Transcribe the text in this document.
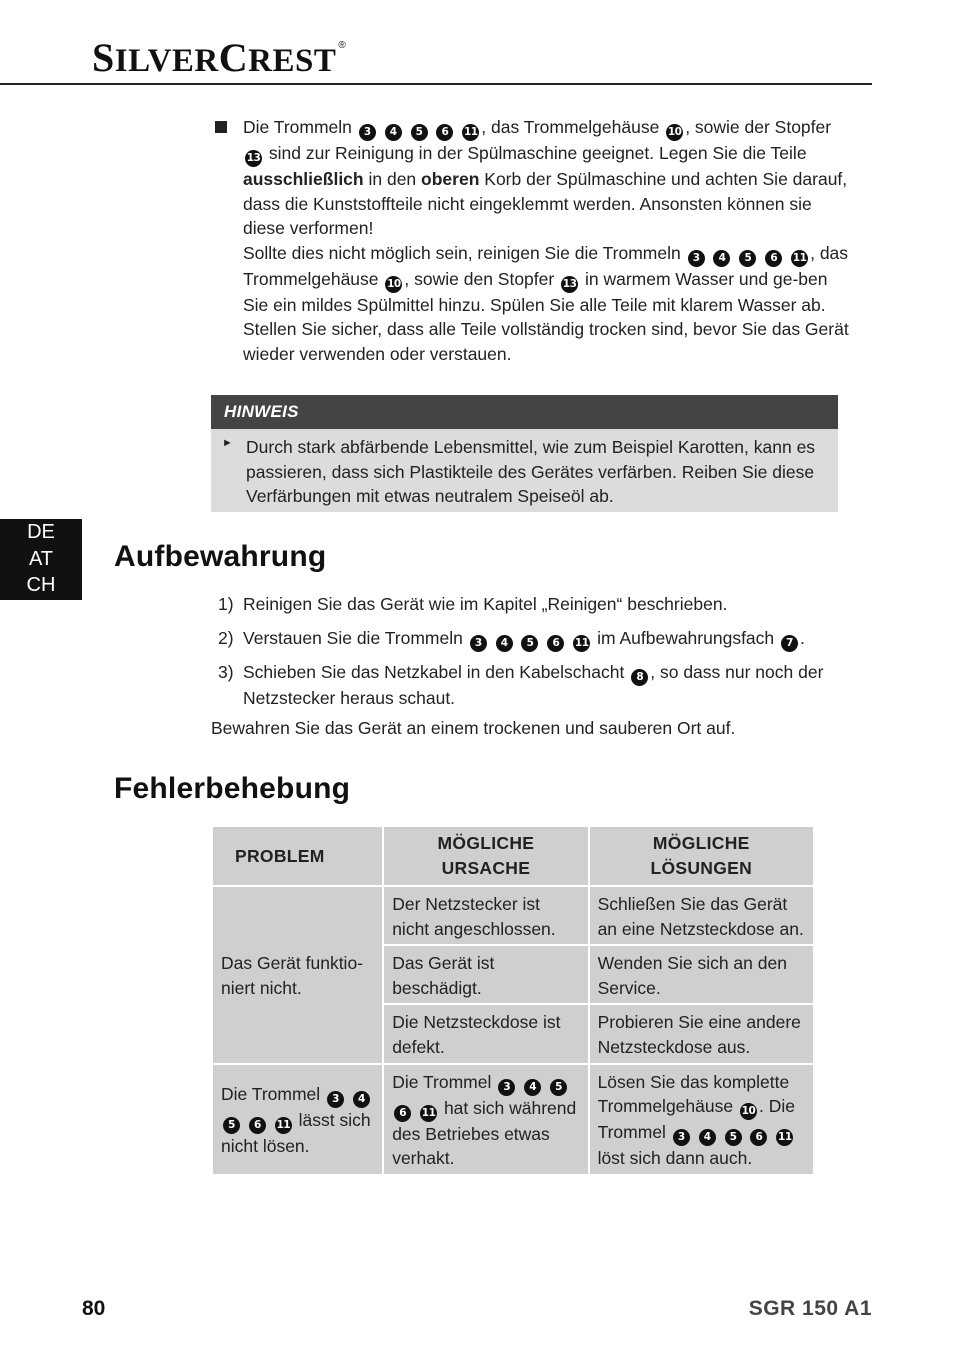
SILVERCREST ®

Die Trommeln 3 4 5 6 11 , das Trommelgehäuse 10 , sowie der Stopfer 13 sind zur Reinigung in der Spülmaschine geeignet. Legen Sie die Teile ausschließlich in den oberen Korb der Spülmaschine und achten Sie darauf, dass die Kunststoffteile nicht eingeklemmt werden. Ansonsten können sie diese verformen!

Sollte dies nicht möglich sein, reinigen Sie die Trommeln 3 4 5 6 11 , das Trommelgehäuse 10 , sowie den Stopfer 13 in warmem Wasser und ge-ben Sie ein mildes Spülmittel hinzu. Spülen Sie alle Teile mit klarem Wasser ab. Stellen Sie sicher, dass alle Teile vollständig trocken sind, bevor Sie das Gerät wieder verwenden oder verstauen.

HINWEIS
► Durch stark abfärbende Lebensmittel, wie zum Beispiel Karotten, kann es passieren, dass sich Plastikteile des Gerätes verfärben. Reiben Sie diese Verfärbungen mit etwas neutralem Speiseöl ab.
DE
AT
CH
Aufbewahrung
1) Reinigen Sie das Gerät wie im Kapitel „Reinigen“ beschrieben.
2) Verstauen Sie die Trommeln 3 4 5 6 11 im Aufbewahrungsfach 7 .
3) Schieben Sie das Netzkabel in den Kabelschacht 8 , so dass nur noch der Netzstecker heraus schaut.
Bewahren Sie das Gerät an einem trockenen und sauberen Ort auf.
Fehlerbehebung
PROBLEM	MÖGLICHE URSACHE	MÖGLICHE LÖSUNGEN
Das Gerät funktio-niert nicht.	Der Netzstecker ist nicht angeschlossen.	Schließen Sie das Gerät an eine Netzsteckdose an.
	Das Gerät ist beschädigt.	Wenden Sie sich an den Service.
	Die Netzsteckdose ist defekt.	Probieren Sie eine andere Netzsteckdose aus.
Die Trommel 3 4 5 6 11 lässt sich nicht lösen.	Die Trommel 3 4 5 6 11 hat sich während des Betriebes etwas verhakt.	Lösen Sie das komplette Trommelgehäuse 10 . Die Trommel 3 4 5 6 11 löst sich dann auch.
80	SGR 150 A1
